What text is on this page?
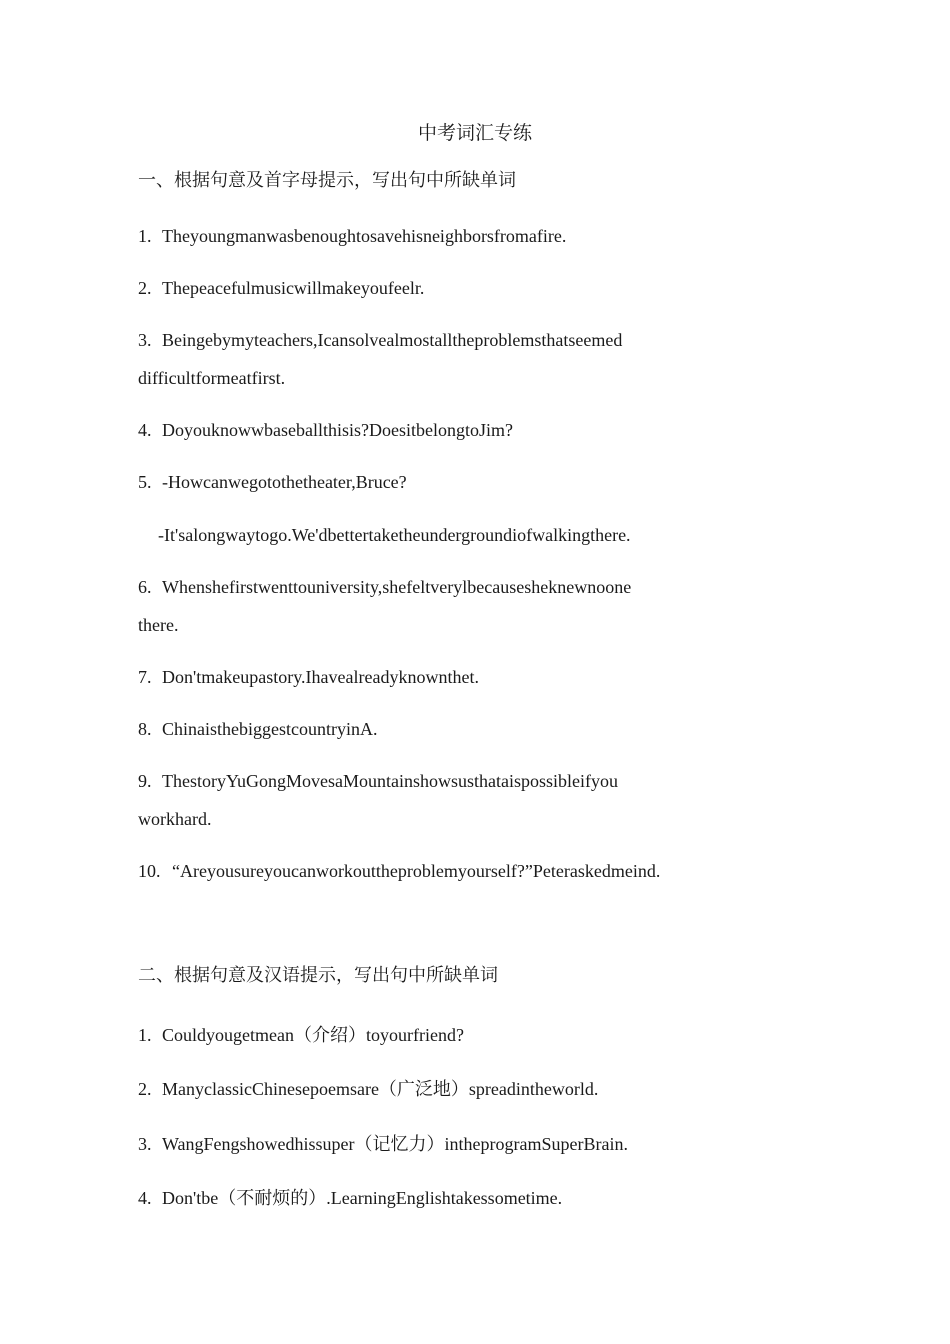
中考词汇专练
一、根据句意及首字母提示，写出句中所缺单词
1. Theyoungmanwasbenoughtosavehisneighborsfromafire.
2. Thepeacefulmusicwillmakeyoufeelr.
3. Beingebymyteachers,Icansolvealmostalltheproblemsthatseemed
difficultformeatfirst.
4. Doyouknowwbaseballthisis?DoesitbelongtoJim?
5. -Howcanwegotothetheater,Bruce?
-It'salongwaytogo.We'dbettertaketheundergroundiofwalkingthere.
6. Whenshefirstwenttouniversity,shefeltverylbecausesheknewnoone
there.
7. Don'tmakeupastory.Ihavealreadyknownthet.
8. ChinaisthebiggestcountryinA.
9. ThestoryYuGongMovesaMountainshowsusthataispossibleifyou
workhard.
10. “Areyousureyoucanworkouttheproblemyourself?”Peteraskedmeind.
二、根据句意及汉语提示，写出句中所缺单词
1. Couldyougetmean（介绍）toyourfriend?
2. ManyclassicChinesepoemsare（广泛地）spreadintheworld.
3. WangFengshowedhissuper（记忆力）intheprogramSuperBrain.
4. Don'tbe（不耐烦的）.LearningEnglishtakessometime.
